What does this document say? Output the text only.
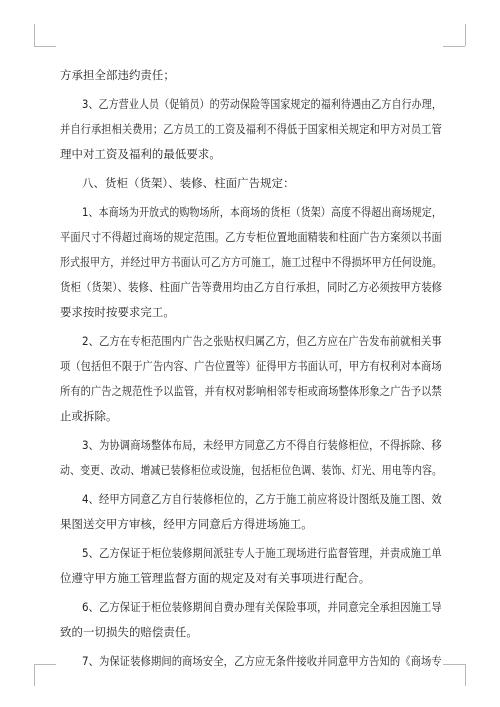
方承担全部违约责任；
3、乙方营业人员（促销员）的劳动保险等国家规定的福利待遇由乙方自行办理，
并自行承担相关费用；乙方员工的工资及福利不得低于国家相关规定和甲方对员工管
理中对工资及福利的最低要求。
八、货柜（货架）、装修、柱面广告规定：
1、本商场为开放式的购物场所，本商场的货柜（货架）高度不得超出商场规定，
平面尺寸不得超过商场的规定范围。乙方专柜位置地面精装和柱面广告方案须以书面
形式报甲方，并经过甲方书面认可乙方方可施工，施工过程中不得损坏甲方任何设施。
货柜（货架）、装修、柱面广告等费用均由乙方自行承担，同时乙方必须按甲方装修
要求按时按要求完工。
2、乙方在专柜范围内广告之张贴权归属乙方，但乙方应在广告发布前就相关事
项（包括但不限于广告内容、广告位置等）征得甲方书面认可，甲方有权利对本商场
所有的广告之规范性予以监管，并有权对影响相邻专柜或商场整体形象之广告予以禁
止或拆除。
3、为协调商场整体布局，未经甲方同意乙方不得自行装修柜位，不得拆除、移
动、变更、改动、增减已装修柜位或设施，包括柜位色调、装饰、灯光、用电等内容。
4、经甲方同意乙方自行装修柜位的，乙方于施工前应将设计图纸及施工图、效
果图送交甲方审核，经甲方同意后方得进场施工。
5、乙方保证于柜位装修期间派驻专人于施工现场进行监督管理，并责成施工单
位遵守甲方施工管理监督方面的规定及对有关事项进行配合。
6、乙方保证于柜位装修期间自费办理有关保险事项，并同意完全承担因施工导
致的一切损失的赔偿责任。
7、为保证装修期间的商场安全，乙方应无条件接收并同意甲方告知的《商场专
